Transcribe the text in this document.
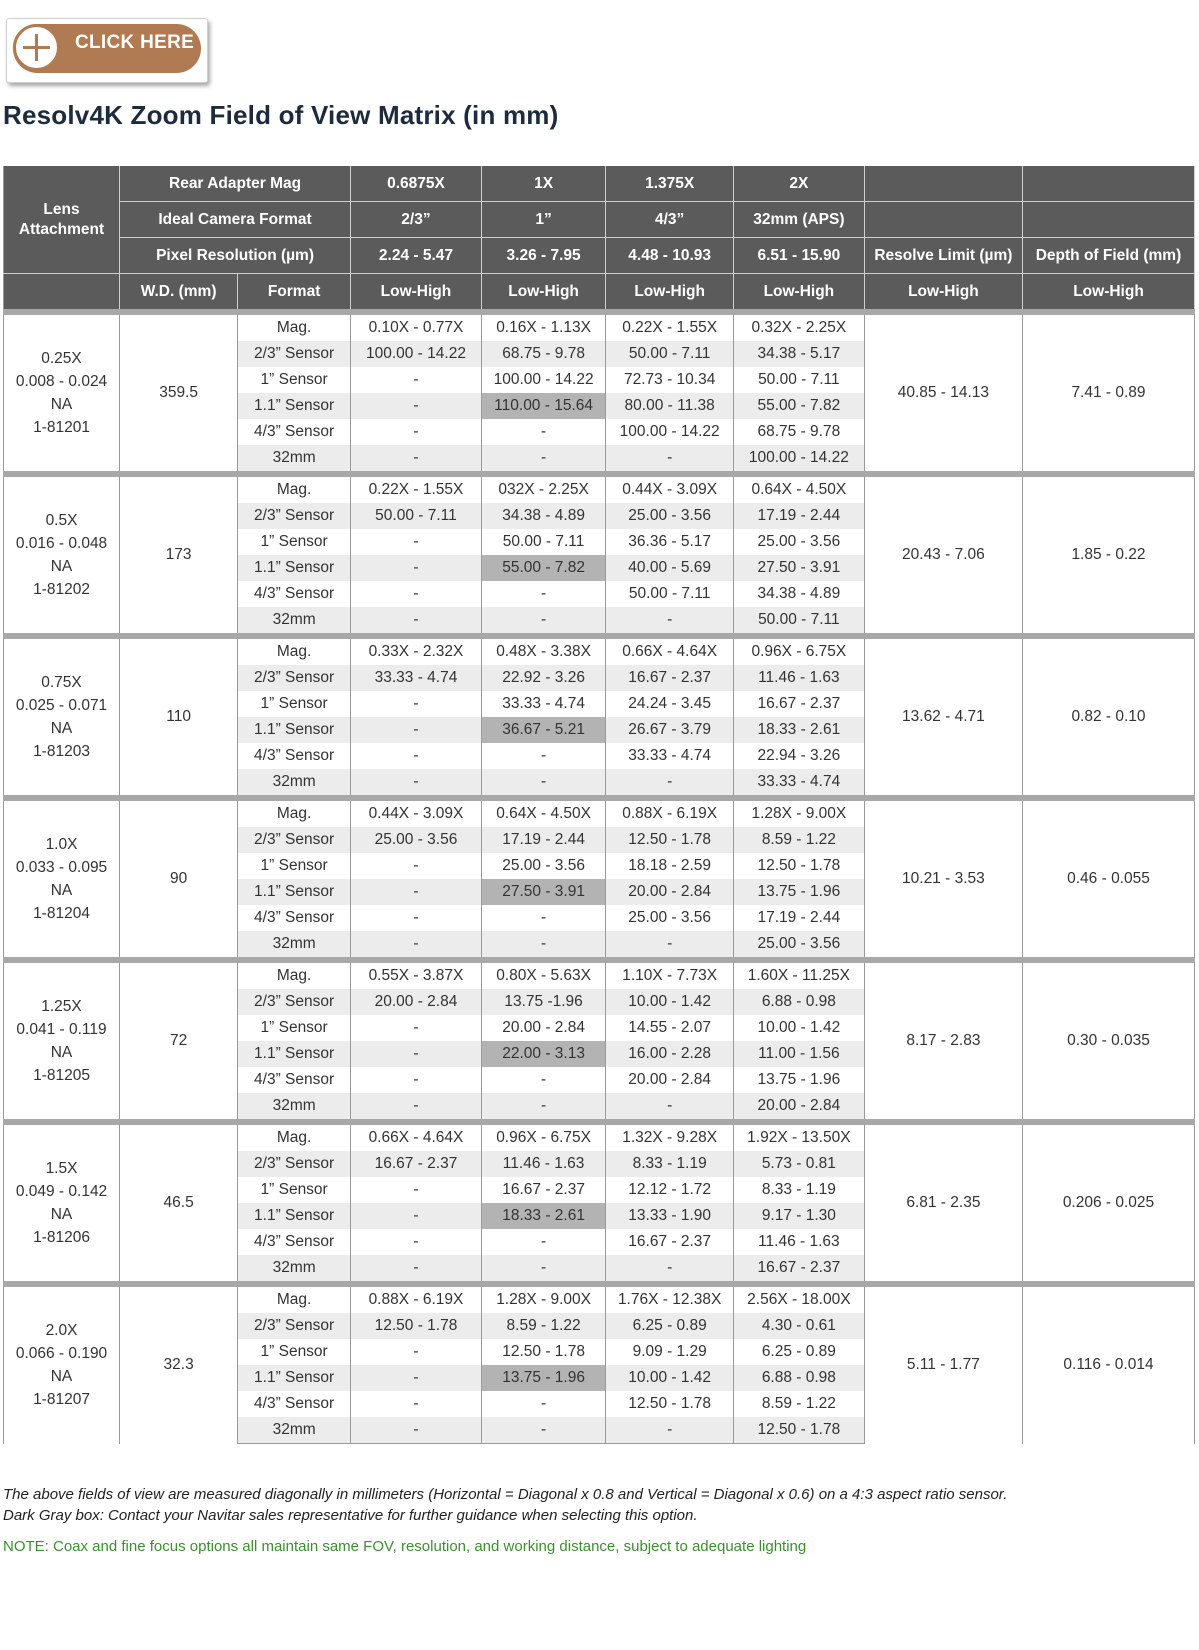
CLICK HERE
Resolv4K Zoom Field of View Matrix (in mm)
Lens Attachment	Rear Adapter Mag		0.6875X	1X	1.375X	2X		
	Ideal Camera Format		2/3”	1”	4/3”	32mm (APS)		
	Pixel Resolution (µm)		2.24 - 5.47	3.26 - 7.95	4.48 - 10.93	6.51 - 15.90	Resolve Limit (µm)	Depth of Field (mm)
	W.D. (mm)	Format	Low-High	Low-High	Low-High	Low-High	Low-High	Low-High

0.25X
0.008 - 0.024
NA
1-81201	359.5	Mag.	0.10X - 0.77X	0.16X - 1.13X	0.22X - 1.55X	0.32X - 2.25X	40.85 - 14.13	7.41 - 0.89
		2/3” Sensor	100.00 - 14.22	68.75 - 9.78	50.00 - 7.11	34.38 - 5.17		
		1” Sensor	-	100.00 - 14.22	72.73 - 10.34	50.00 - 7.11		
		1.1” Sensor	-	110.00 - 15.64	80.00 - 11.38	55.00 - 7.82		
		4/3” Sensor	-	-	100.00 - 14.22	68.75 - 9.78		
		32mm	-	-	-	100.00 - 14.22		

0.5X
0.016 - 0.048
NA
1-81202	173	Mag.	0.22X - 1.55X	032X - 2.25X	0.44X - 3.09X	0.64X - 4.50X	20.43 - 7.06	1.85 - 0.22
		2/3” Sensor	50.00 - 7.11	34.38 - 4.89	25.00 - 3.56	17.19 - 2.44		
		1” Sensor	-	50.00 - 7.11	36.36 - 5.17	25.00 - 3.56		
		1.1” Sensor	-	55.00 - 7.82	40.00 - 5.69	27.50 - 3.91		
		4/3” Sensor	-	-	50.00 - 7.11	34.38 - 4.89		
		32mm	-	-	-	50.00 - 7.11		

0.75X
0.025 - 0.071
NA
1-81203	110	Mag.	0.33X - 2.32X	0.48X - 3.38X	0.66X - 4.64X	0.96X - 6.75X	13.62 - 4.71	0.82 - 0.10
		2/3” Sensor	33.33 - 4.74	22.92 - 3.26	16.67 - 2.37	11.46 - 1.63		
		1” Sensor	-	33.33 - 4.74	24.24 - 3.45	16.67 - 2.37		
		1.1” Sensor	-	36.67 - 5.21	26.67 - 3.79	18.33 - 2.61		
		4/3” Sensor	-	-	33.33 - 4.74	22.94 - 3.26		
		32mm	-	-	-	33.33 - 4.74		

1.0X
0.033 - 0.095
NA
1-81204	90	Mag.	0.44X - 3.09X	0.64X - 4.50X	0.88X - 6.19X	1.28X - 9.00X	10.21 - 3.53	0.46 - 0.055
		2/3” Sensor	25.00 - 3.56	17.19 - 2.44	12.50 - 1.78	8.59 - 1.22		
		1” Sensor	-	25.00 - 3.56	18.18 - 2.59	12.50 - 1.78		
		1.1” Sensor	-	27.50 - 3.91	20.00 - 2.84	13.75 - 1.96		
		4/3” Sensor	-	-	25.00 - 3.56	17.19 - 2.44		
		32mm	-	-	-	25.00 - 3.56		

1.25X
0.041 - 0.119
NA
1-81205	72	Mag.	0.55X - 3.87X	0.80X - 5.63X	1.10X - 7.73X	1.60X - 11.25X	8.17 - 2.83	0.30 - 0.035
		2/3” Sensor	20.00 - 2.84	13.75 -1.96	10.00 - 1.42	6.88 - 0.98		
		1” Sensor	-	20.00 - 2.84	14.55 - 2.07	10.00 - 1.42		
		1.1” Sensor	-	22.00 - 3.13	16.00 - 2.28	11.00 - 1.56		
		4/3” Sensor	-	-	20.00 - 2.84	13.75 - 1.96		
		32mm	-	-	-	20.00 - 2.84		

1.5X
0.049 - 0.142
NA
1-81206	46.5	Mag.	0.66X - 4.64X	0.96X - 6.75X	1.32X - 9.28X	1.92X - 13.50X	6.81 - 2.35	0.206 - 0.025
		2/3” Sensor	16.67 - 2.37	11.46 - 1.63	8.33 - 1.19	5.73 - 0.81		
		1” Sensor	-	16.67 - 2.37	12.12 - 1.72	8.33 - 1.19		
		1.1” Sensor	-	18.33 - 2.61	13.33 - 1.90	9.17 - 1.30		
		4/3” Sensor	-	-	16.67 - 2.37	11.46 - 1.63		
		32mm	-	-	-	16.67 - 2.37		

2.0X
0.066 - 0.190
NA
1-81207	32.3	Mag.	0.88X - 6.19X	1.28X - 9.00X	1.76X - 12.38X	2.56X - 18.00X	5.11 - 1.77	0.116 - 0.014
		2/3” Sensor	12.50 - 1.78	8.59 - 1.22	6.25 - 0.89	4.30 - 0.61		
		1” Sensor	-	12.50 - 1.78	9.09 - 1.29	6.25 - 0.89		
		1.1” Sensor	-	13.75 - 1.96	10.00 - 1.42	6.88 - 0.98		
		4/3” Sensor	-	-	12.50 - 1.78	8.59 - 1.22		
		32mm	-	-	-	12.50 - 1.78		
The above fields of view are measured diagonally in millimeters (Horizontal = Diagonal x 0.8 and Vertical = Diagonal x 0.6) on a 4:3 aspect ratio sensor.
Dark Gray box: Contact your Navitar sales representative for further guidance when selecting this option.
NOTE: Coax and fine focus options all maintain same FOV, resolution, and working distance, subject to adequate lighting
